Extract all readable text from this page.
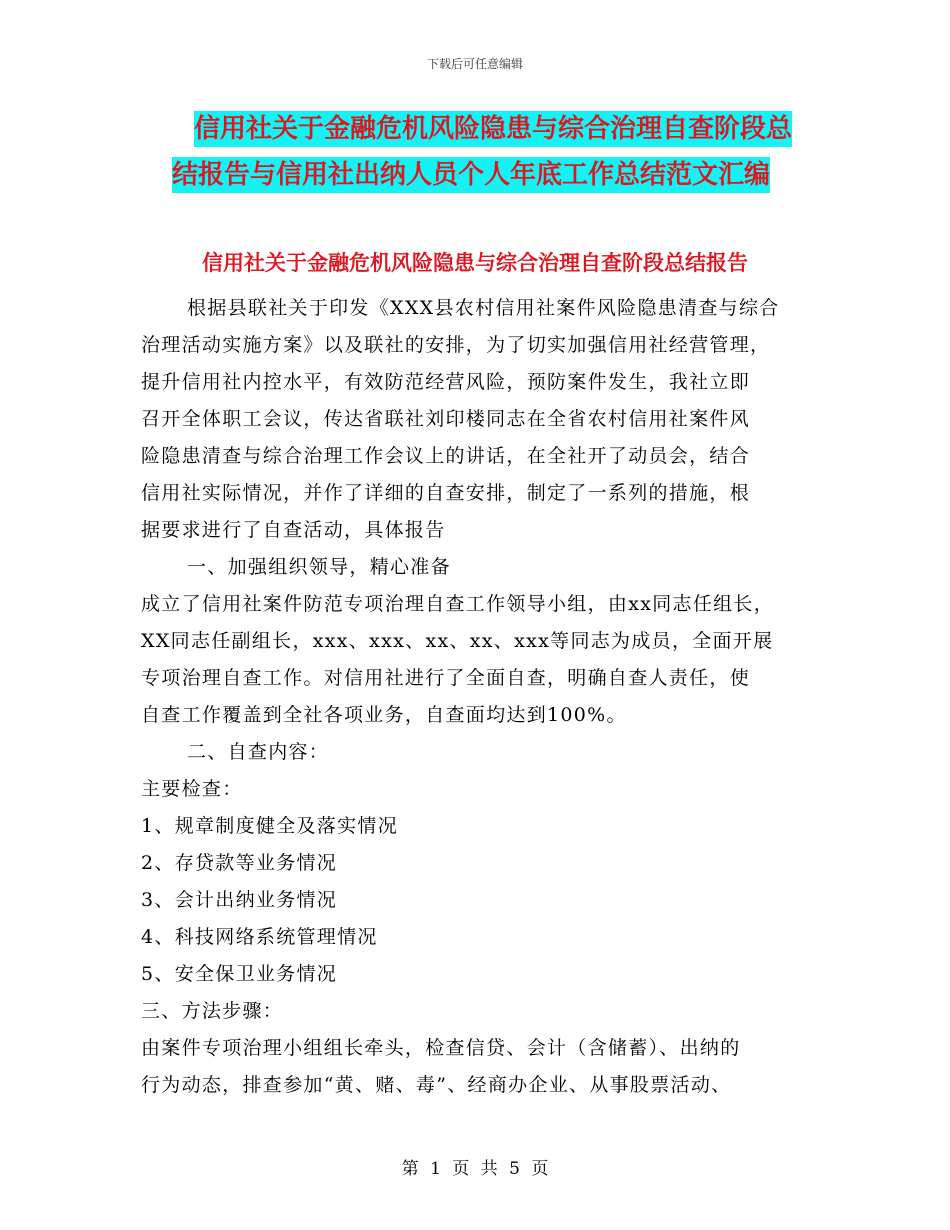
下载后可任意编辑
信用社关于金融危机风险隐患与综合治理自查阶段总
结报告与信用社出纳人员个人年底工作总结范文汇编
信用社关于金融危机风险隐患与综合治理自查阶段总结报告

根据县联社关于印发《XXX县农村信用社案件风险隐患清查与综合

治理活动实施方案》以及联社的安排，为了切实加强信用社经营管理，

提升信用社内控水平，有效防范经营风险，预防案件发生，我社立即

召开全体职工会议，传达省联社刘印楼同志在全省农村信用社案件风

险隐患清查与综合治理工作会议上的讲话，在全社开了动员会，结合

信用社实际情况，并作了详细的自查安排，制定了一系列的措施，根

据要求进行了自查活动，具体报告

一、加强组织领导，精心准备

成立了信用社案件防范专项治理自查工作领导小组，由xx同志任组长，

XX同志任副组长，xxx、xxx、xx、xx、xxx等同志为成员，全面开展

专项治理自查工作。对信用社进行了全面自查，明确自查人责任，使

自查工作覆盖到全社各项业务，自查面均达到100%。

二、自查内容：

主要检查：

1、规章制度健全及落实情况

2、存贷款等业务情况

3、会计出纳业务情况

4、科技网络系统管理情况

5、安全保卫业务情况

三、方法步骤：

由案件专项治理小组组长牵头，检查信贷、会计（含储蓄）、出纳的

行为动态，排查参加“黄、赌、毒”、经商办企业、从事股票活动、

第 1 页 共 5 页
